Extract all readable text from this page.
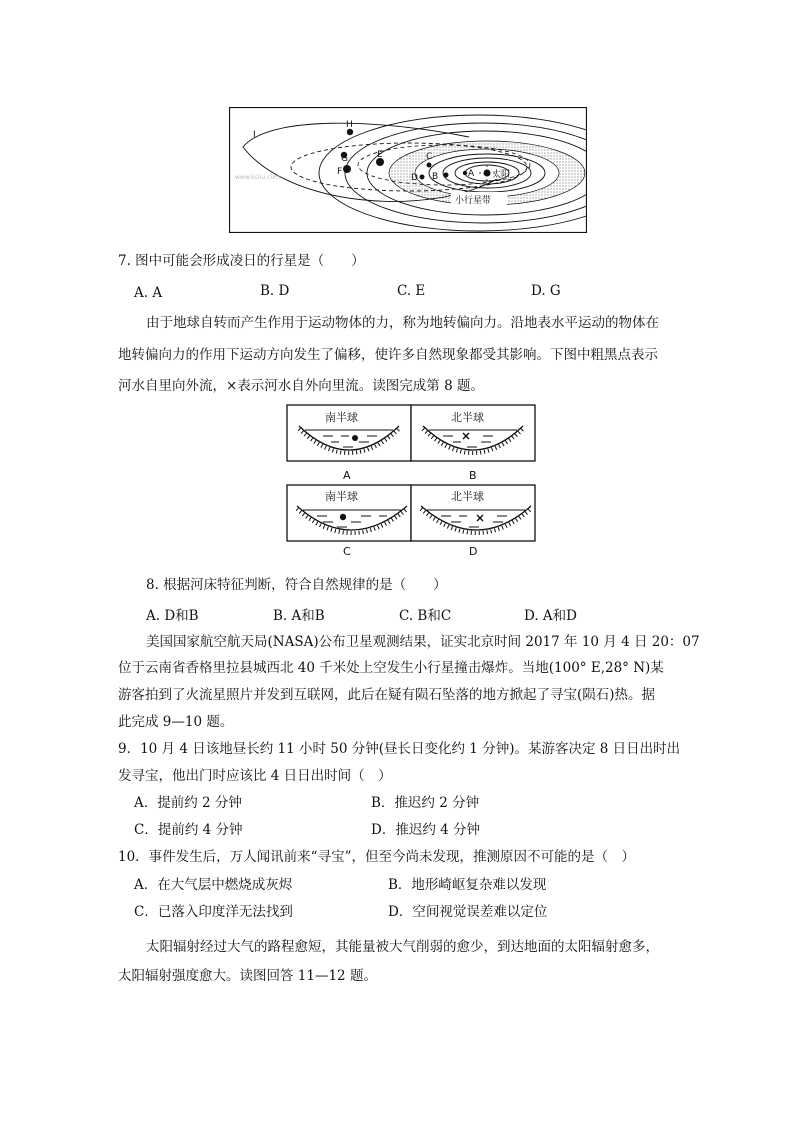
I
H
G
F
E	C
D B	A 太阳
小行星带
www.ks5u.com
7. 图中可能会形成凌日的行星是（　　）
A. A	B. D	C. E	D. G
由于地球自转而产生作用于运动物体的力，称为地转偏向力。沿地表水平运动的物体在
地转偏向力的作用下运动方向发生了偏移，使许多自然现象都受其影响。下图中粗黑点表示
河水自里向外流，×表示河水自外向里流。读图完成第 8 题。
南半球
A
北半球
B
南半球
C
北半球
D
8. 根据河床特征判断，符合自然规律的是（　　）
A. D和B	B. A和B	C. B和C	D. A和D
美国国家航空航天局(NASA)公布卫星观测结果，证实北京时间 2017 年 10 月 4 日 20：07
位于云南省香格里拉县城西北 40 千米处上空发生小行星撞击爆炸。当地(100° E,28° N)某
游客拍到了火流星照片并发到互联网，此后在疑有陨石坠落的地方掀起了寻宝(陨石)热。据
此完成 9—10 题。
9．10 月 4 日该地昼长约 11 小时 50 分钟(昼长日变化约 1 分钟)。某游客决定 8 日日出时出
发寻宝，他出门时应该比 4 日日出时间（　）
A．提前约 2 分钟	B．推迟约 2 分钟
C．提前约 4 分钟	D．推迟约 4 分钟
10．事件发生后，万人闻讯前来“寻宝”，但至今尚未发现，推测原因不可能的是（　）
A．在大气层中燃烧成灰烬	B．地形崎岖复杂难以发现
C．已落入印度洋无法找到	D．空间视觉误差难以定位
太阳辐射经过大气的路程愈短，其能量被大气削弱的愈少，到达地面的太阳辐射愈多，
太阳辐射强度愈大。读图回答 11—12 题。
